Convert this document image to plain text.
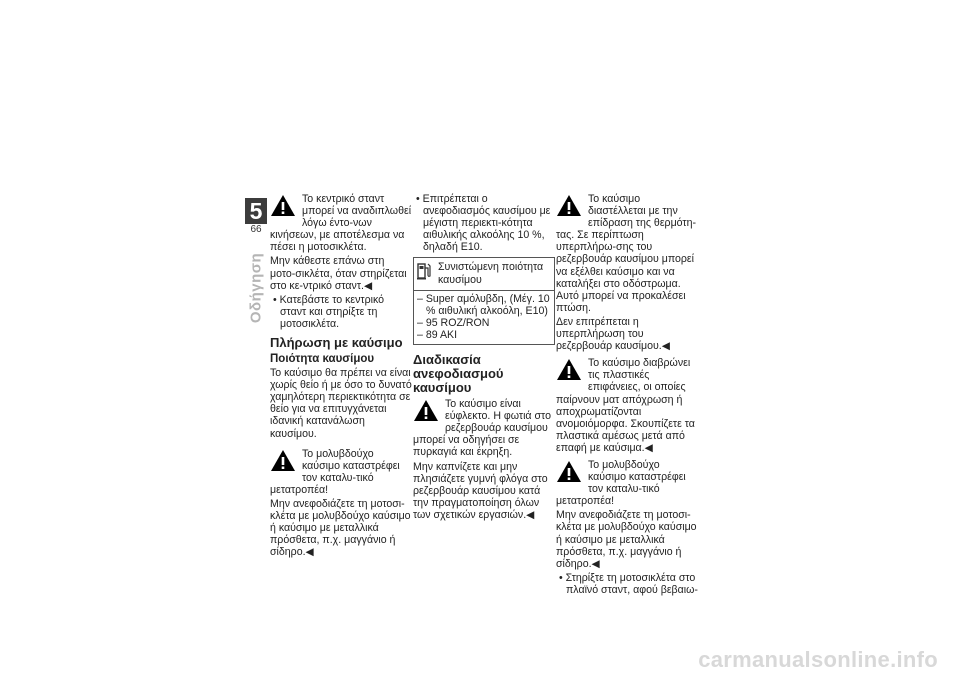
5
66
Οδήγηση

Το κεντρικό σταντ μπορεί να αναδιπλωθεί λόγω έντο-νων κινήσεων, με αποτέλεσμα να πέσει η μοτοσικλέτα.

Μην κάθεστε επάνω στη μοτο-σικλέτα, όταν στηρίζεται στο κε-ντρικό σταντ.◀

• Κατεβάστε το κεντρικό σταντ και στηρίξτε τη μοτοσικλέτα.

Πλήρωση με καύσιμο
Ποιότητα καυσίμου

Το καύσιμο θα πρέπει να είναι χωρίς θείο ή με όσο το δυνατό χαμηλότερη περιεκτικότητα σε θείο για να επιτυγχάνεται ιδανική κατανάλωση καυσίμου.

Το μολυβδούχο καύσιμο καταστρέφει τον καταλυ-τικό μετατροπέα!

Μην ανεφοδιάζετε τη μοτοσι-κλέτα με μολυβδούχο καύσιμο ή καύσιμο με μεταλλικά πρόσθετα, π.χ. μαγγάνιο ή σίδηρο.◀

• Επιτρέπεται ο ανεφοδιασμός καυσίμου με μέγιστη περιεκτι-κότητα αιθυλικής αλκοόλης 10 %, δηλαδή E10.

Συνιστώμενη ποιότητα καυσίμου
– Super αμόλυβδη, (Μέγ. 10 % αιθυλική αλκοόλη, E10)
– 95 ROZ/RON
– 89 AKI
Διαδικασία ανεφοδιασμού καυσίμου

Το καύσιμο είναι εύφλεκτο. Η φωτιά στο ρεζερβουάρ καυσίμου μπορεί να οδηγήσει σε πυρκαγιά και έκρηξη.

Μην καπνίζετε και μην πλησιάζετε γυμνή φλόγα στο ρεζερβουάρ καυσίμου κατά την πραγματοποίηση όλων των σχετικών εργασιών.◀

Το καύσιμο διαστέλλεται με την επίδραση της θερμότη-τας. Σε περίπτωση υπερπλήρω-σης του ρεζερβουάρ καυσίμου μπορεί να εξέλθει καύσιμο και να καταλήξει στο οδόστρωμα. Αυτό μπορεί να προκαλέσει πτώση.

Δεν επιτρέπεται η υπερπλήρωση του ρεζερβουάρ καυσίμου.◀

Το καύσιμο διαβρώνει τις πλαστικές επιφάνειες, οι οποίες παίρνουν ματ απόχρωση ή αποχρωματίζονται ανομοιόμορφα. Σκουπίζετε τα πλαστικά αμέσως μετά από επαφή με καύσιμα.◀

Το μολυβδούχο καύσιμο καταστρέφει τον καταλυ-τικό μετατροπέα!

Μην ανεφοδιάζετε τη μοτοσι-κλέτα με μολυβδούχο καύσιμο ή καύσιμο με μεταλλικά πρόσθετα, π.χ. μαγγάνιο ή σίδηρο.◀

• Στηρίξτε τη μοτοσικλέτα στο πλαϊνό σταντ, αφού βεβαιω-

carmanualsonline.info
